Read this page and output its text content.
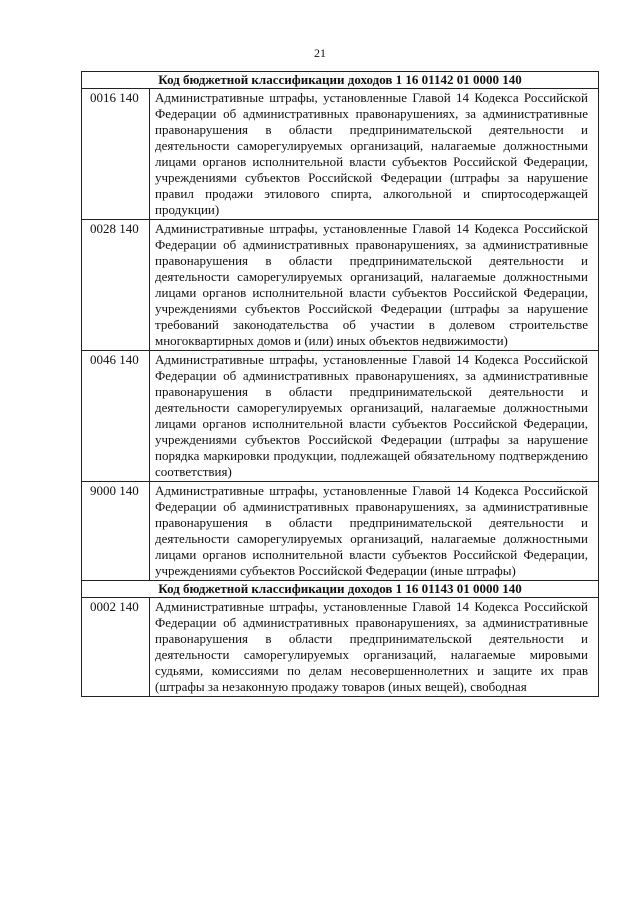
21
Код бюджетной классификации доходов 1 16 01142 01 0000 140	
0016 140	Административные штрафы, установленные Главой 14 Кодекса Российской Федерации об административных правонарушениях, за административные правонарушения в области предпринимательской деятельности и деятельности саморегулируемых организаций, налагаемые должностными лицами органов исполнительной власти субъектов Российской Федерации, учреждениями субъектов Российской Федерации (штрафы за нарушение правил продажи этилового спирта, алкогольной и спиртосодержащей продукции)
0028 140	Административные штрафы, установленные Главой 14 Кодекса Российской Федерации об административных правонарушениях, за административные правонарушения в области предпринимательской деятельности и деятельности саморегулируемых организаций, налагаемые должностными лицами органов исполнительной власти субъектов Российской Федерации, учреждениями субъектов Российской Федерации (штрафы за нарушение требований законодательства об участии в долевом строительстве многоквартирных домов и (или) иных объектов недвижимости)
0046 140	Административные штрафы, установленные Главой 14 Кодекса Российской Федерации об административных правонарушениях, за административные правонарушения в области предпринимательской деятельности и деятельности саморегулируемых организаций, налагаемые должностными лицами органов исполнительной власти субъектов Российской Федерации, учреждениями субъектов Российской Федерации (штрафы за нарушение порядка маркировки продукции, подлежащей обязательному подтверждению соответствия)
9000 140	Административные штрафы, установленные Главой 14 Кодекса Российской Федерации об административных правонарушениях, за административные правонарушения в области предпринимательской деятельности и деятельности саморегулируемых организаций, налагаемые должностными лицами органов исполнительной власти субъектов Российской Федерации, учреждениями субъектов Российской Федерации (иные штрафы)
Код бюджетной классификации доходов 1 16 01143 01 0000 140	
0002 140	Административные штрафы, установленные Главой 14 Кодекса Российской Федерации об административных правонарушениях, за административные правонарушения в области предпринимательской деятельности и деятельности саморегулируемых организаций, налагаемые мировыми судьями, комиссиями по делам несовершеннолетних и защите их прав (штрафы за незаконную продажу товаров (иных вещей), свободная
